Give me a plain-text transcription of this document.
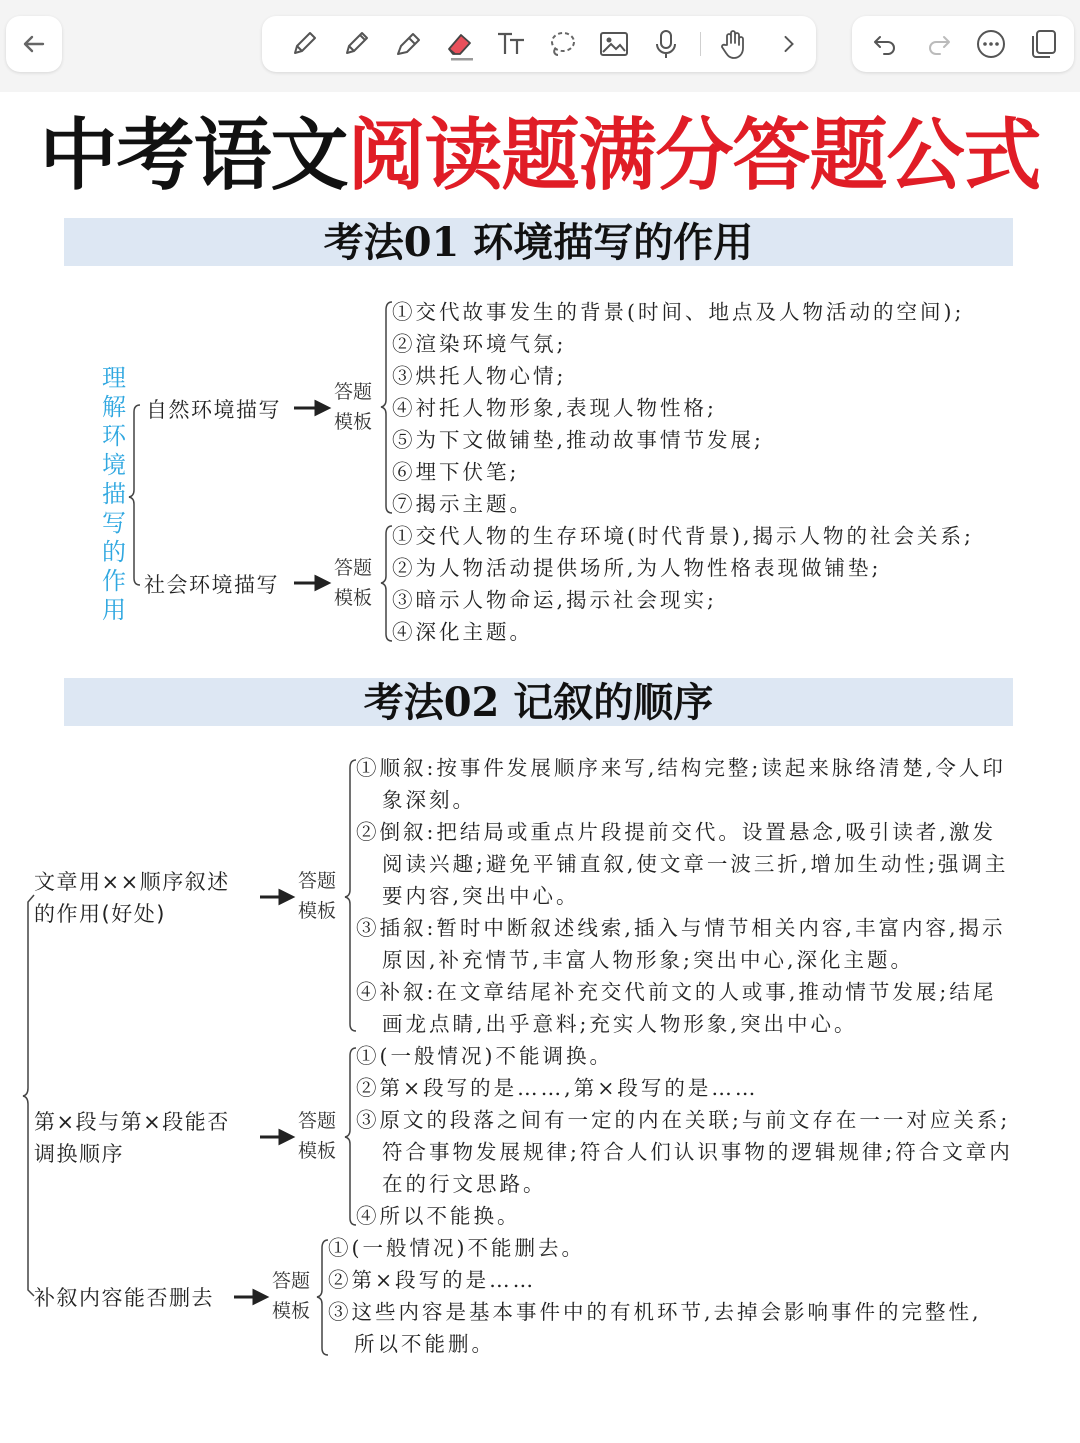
中考语文阅读题满分答题公式
考法01 环境描写的作用
理
解
环
境
描
写
的
作
用
自然环境描写
答题
模板
①交代故事发生的背景(时间、地点及人物活动的空间);
②渲染环境气氛;
③烘托人物心情;
④衬托人物形象,表现人物性格;
⑤为下文做铺垫,推动故事情节发展;
⑥埋下伏笔;
⑦揭示主题。
社会环境描写
答题
模板
①交代人物的生存环境(时代背景),揭示人物的社会关系;
②为人物活动提供场所,为人物性格表现做铺垫;
③暗示人物命运,揭示社会现实;
④深化主题。
考法02 记叙的顺序
文章用××顺序叙述
的作用(好处)
答题
模板
①顺叙:按事件发展顺序来写,结构完整;读起来脉络清楚,令人印
象深刻。
②倒叙:把结局或重点片段提前交代。设置悬念,吸引读者,激发
阅读兴趣;避免平铺直叙,使文章一波三折,增加生动性;强调主
要内容,突出中心。
③插叙:暂时中断叙述线索,插入与情节相关内容,丰富内容,揭示
原因,补充情节,丰富人物形象;突出中心,深化主题。
④补叙:在文章结尾补充交代前文的人或事,推动情节发展;结尾
画龙点睛,出乎意料;充实人物形象,突出中心。
第×段与第×段能否
调换顺序
答题
模板
①(一般情况)不能调换。
②第×段写的是……,第×段写的是……
③原文的段落之间有一定的内在关联;与前文存在一一对应关系;
符合事物发展规律;符合人们认识事物的逻辑规律;符合文章内
在的行文思路。
④所以不能换。
补叙内容能否删去
答题
模板
①(一般情况)不能删去。
②第×段写的是……
③这些内容是基本事件中的有机环节,去掉会影响事件的完整性,
所以不能删。
